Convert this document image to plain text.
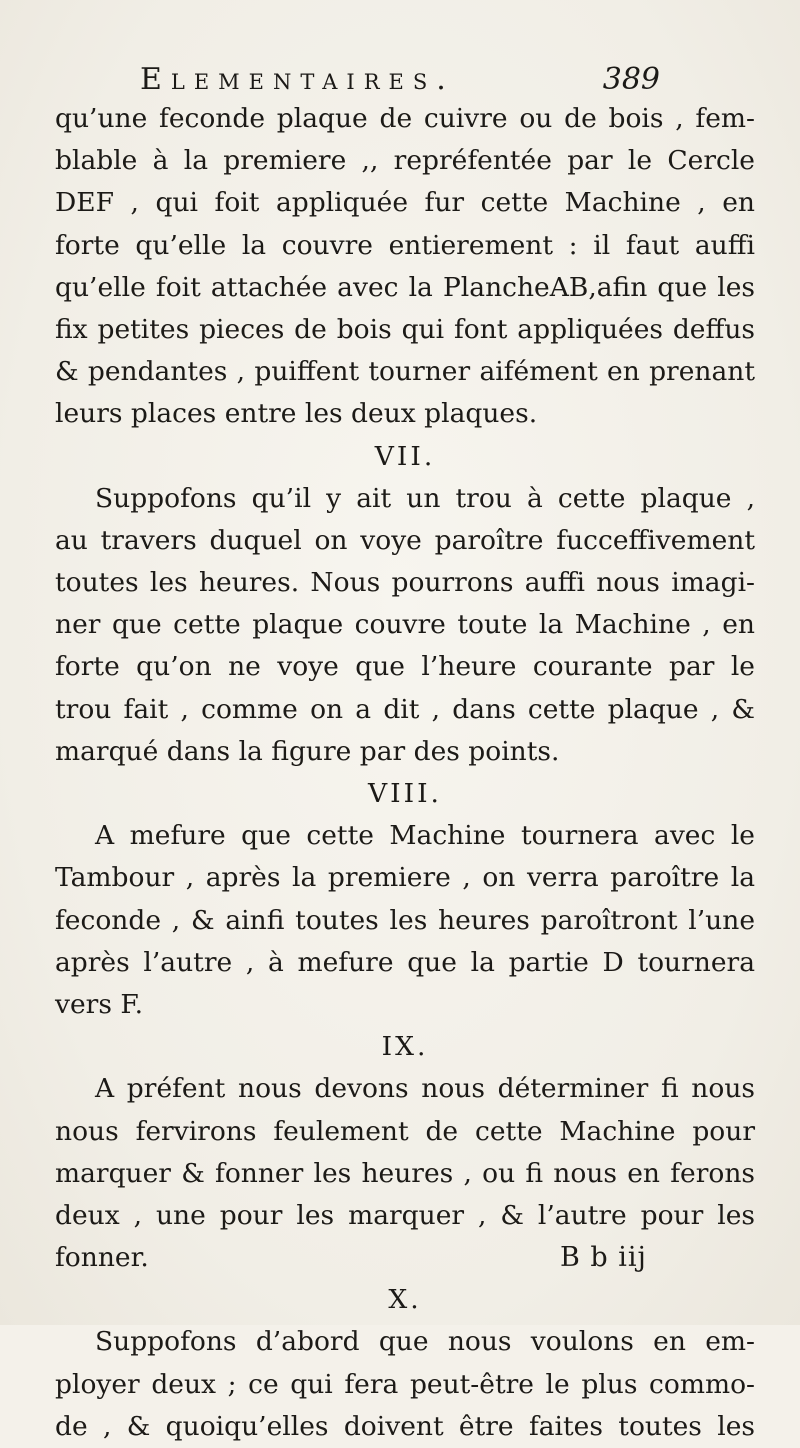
Elementaires.	389
qu’une feconde plaque de cuivre ou de bois , fem-
blable à la premiere ,, repréfentée par le Cercle
DEF , qui foit appliquée fur cette Machine , en
forte qu’elle la couvre entierement : il faut auffi
qu’elle foit attachée avec la PlancheAB,afin que les
fix petites pieces de bois qui font appliquées deffus
& pendantes , puiffent tourner aifément en prenant
leurs places entre les deux plaques.
VII.
Suppofons qu’il y ait un trou à cette plaque ,
au travers duquel on voye paroître fucceffivement
toutes les heures. Nous pourrons auffi nous imagi-
ner que cette plaque couvre toute la Machine , en
forte qu’on ne voye que l’heure courante par le
trou fait , comme on a dit , dans cette plaque , &
marqué dans la figure par des points.
VIII.
A mefure que cette Machine tournera avec le
Tambour , après la premiere , on verra paroître la
feconde , & ainfi toutes les heures paroîtront l’une
après l’autre , à mefure que la partie D tournera
vers F.
IX.
A préfent nous devons nous déterminer fi nous
nous fervirons feulement de cette Machine pour
marquer & fonner les heures , ou fi nous en ferons
deux , une pour les marquer , & l’autre pour les
fonner.
X.
Suppofons d’abord que nous voulons en em-
ployer deux ; ce qui fera peut-être le plus commo-
de , & quoiqu’elles doivent être faites toutes les
B b iij
